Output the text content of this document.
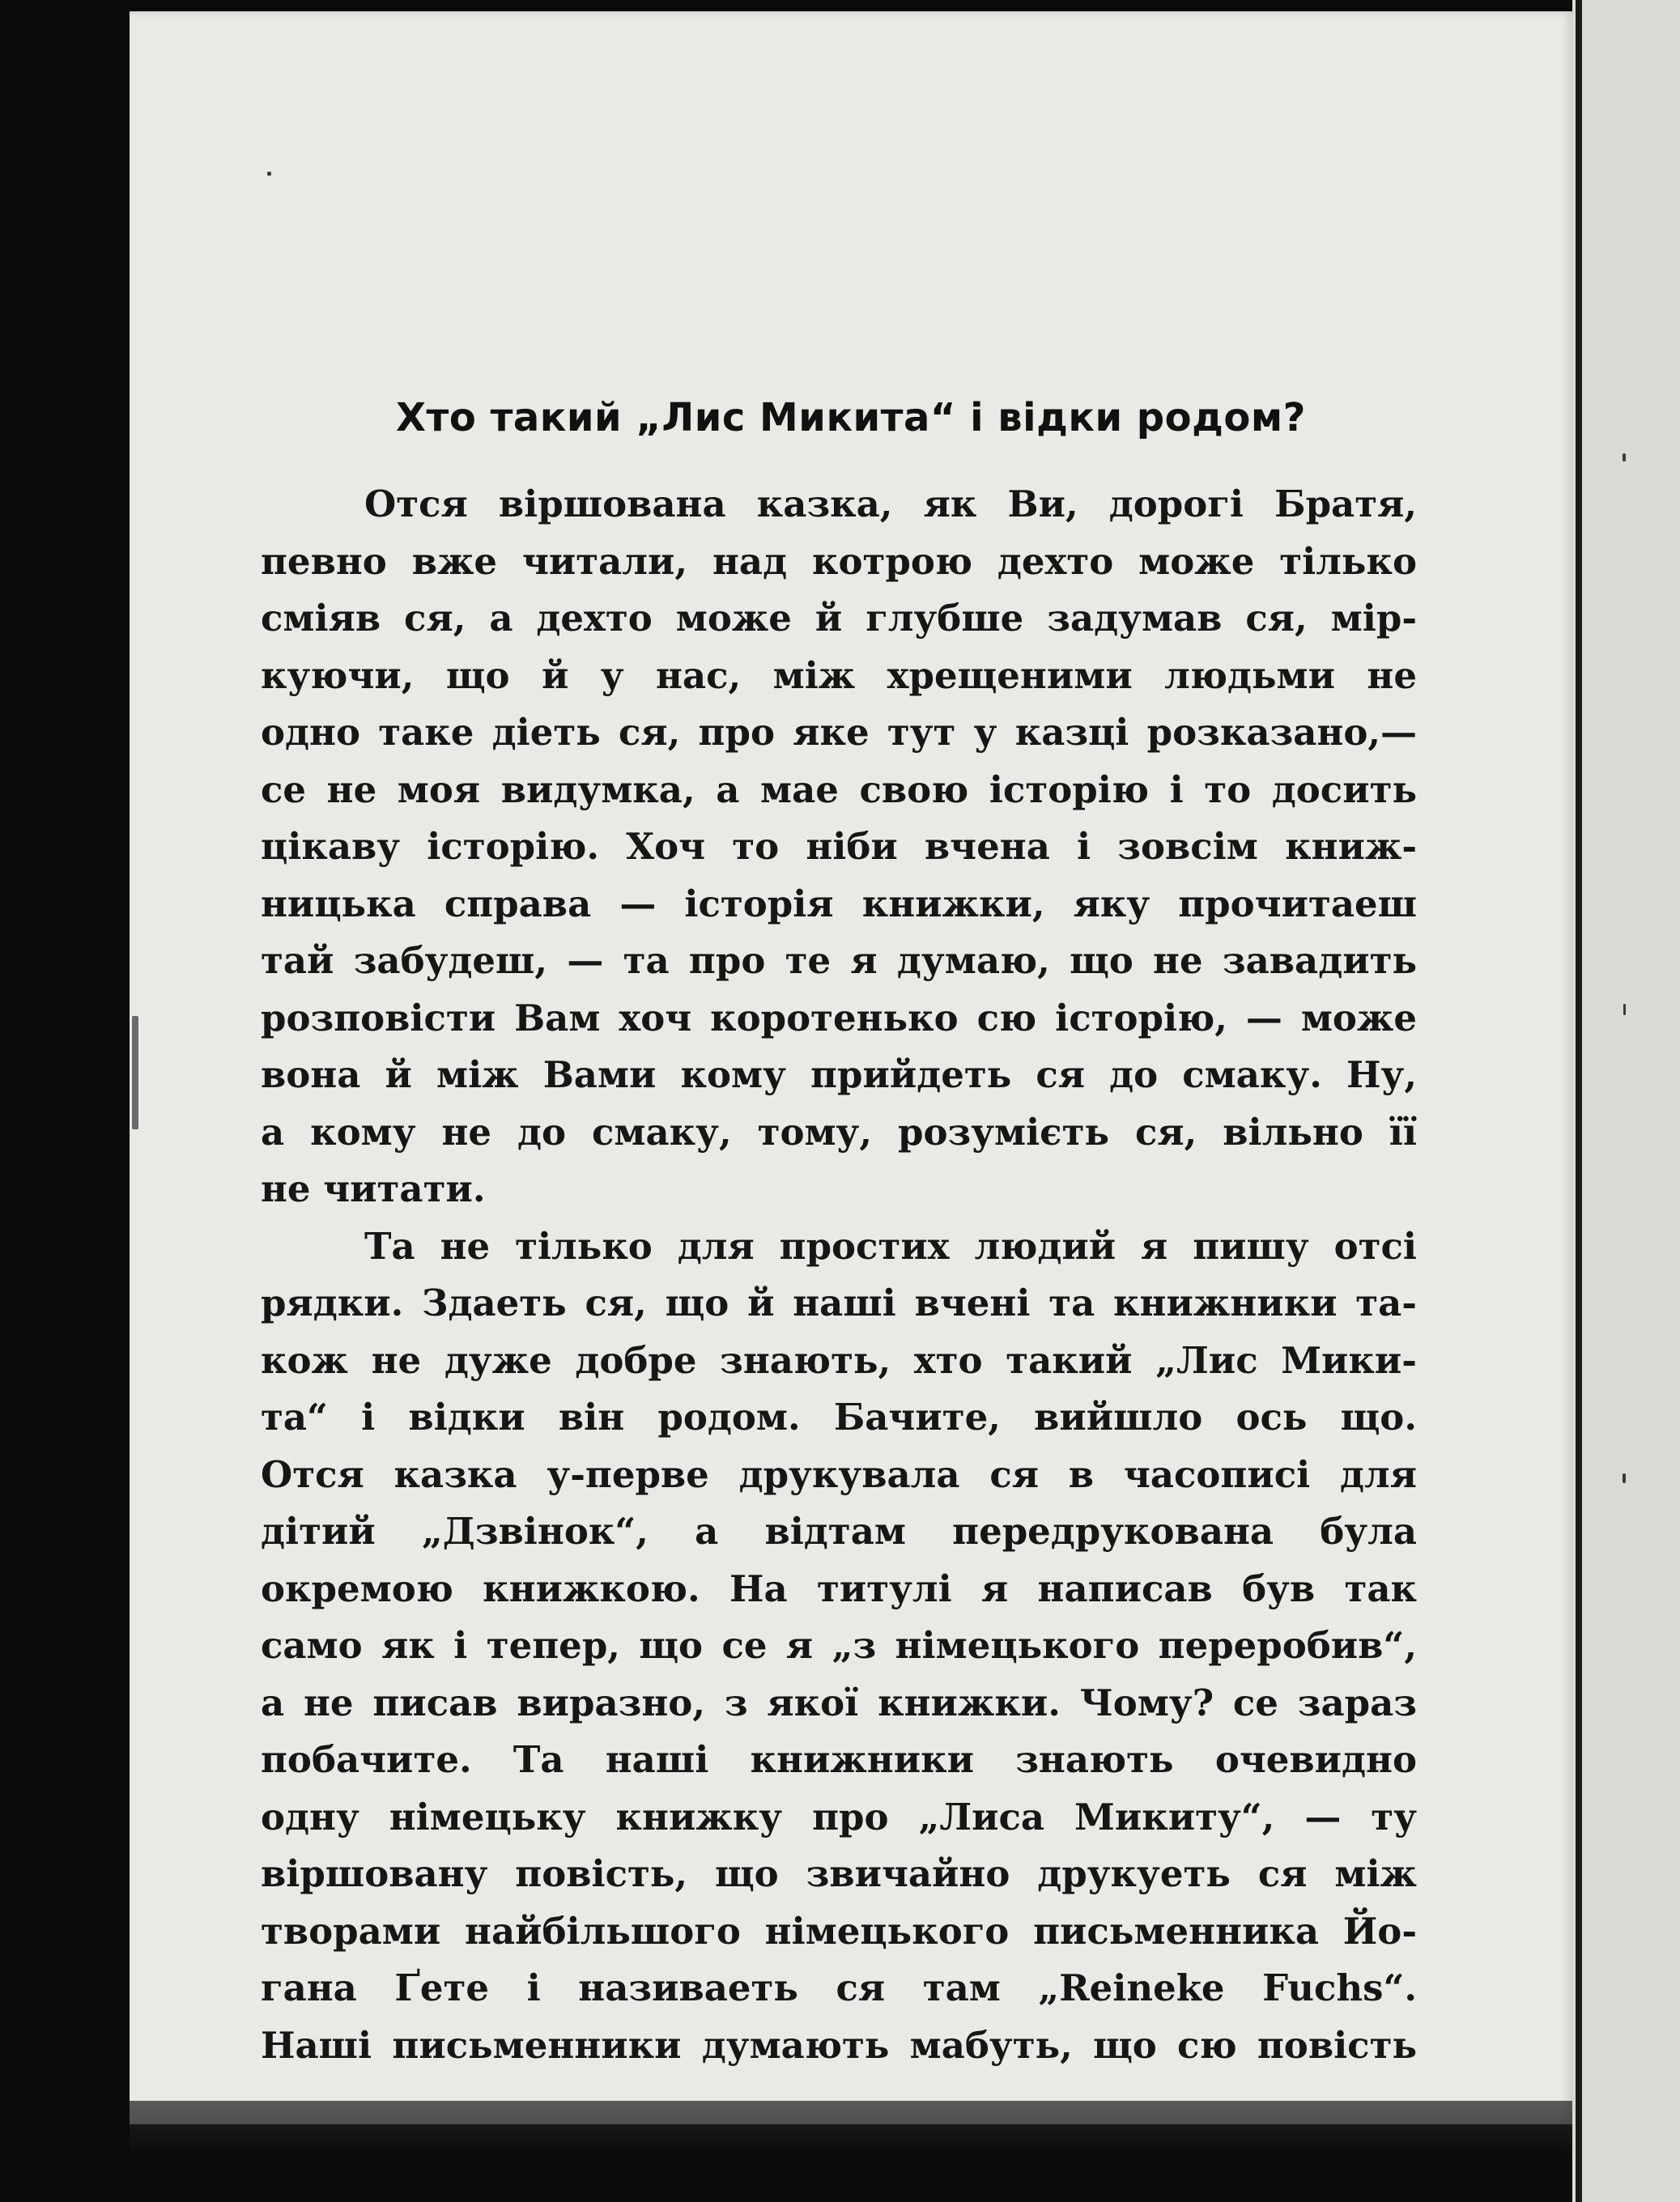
Хто такий „Лис Микита“ і відки родом?
Отся віршована казка, як Ви, дорогі Братя,
певно вже читали, над котрою дехто може тілько
сміяв ся, а дехто може й глубше задумав ся, мір-
куючи, що й у нас, між хрещеними людьми не
одно таке діеть ся, про яке тут у казці розказано,—
се не моя видумка, а мае свою історію і то досить
цікаву історію. Хоч то ніби вчена і зовсім книж-
ницька справа — історія книжки, яку прочитаеш
тай забудеш, — та про те я думаю, що не завадить
розповісти Вам хоч коротенько сю історію, — може
вона й між Вами кому прийдеть ся до смаку. Ну,
а кому не до смаку, тому, розумієть ся, вільно її
не читати.
Та не тілько для простих людий я пишу отсі
рядки. Здаеть ся, що й наші вчені та книжники та-
кож не дуже добре знають, хто такий „Лис Мики-
та“ і відки він родом. Бачите, вийшло ось що.
Отся казка у-перве друкувала ся в часописі для
дітий „Дзвінок“, а відтам передрукована була
окремою книжкою. На титулі я написав був так
само як і тепер, що се я „з німецького переробив“,
а не писав виразно, з якої книжки. Чому? се зараз
побачите. Та наші книжники знають очевидно
одну німецьку книжку про „Лиса Микиту“, — ту
віршовану повість, що звичайно друкуеть ся між
творами найбільшого німецького письменника Йо-
гана Ґете і називаеть ся там „Reineke Fuchs“.
Наші письменники думають мабуть, що сю повість
